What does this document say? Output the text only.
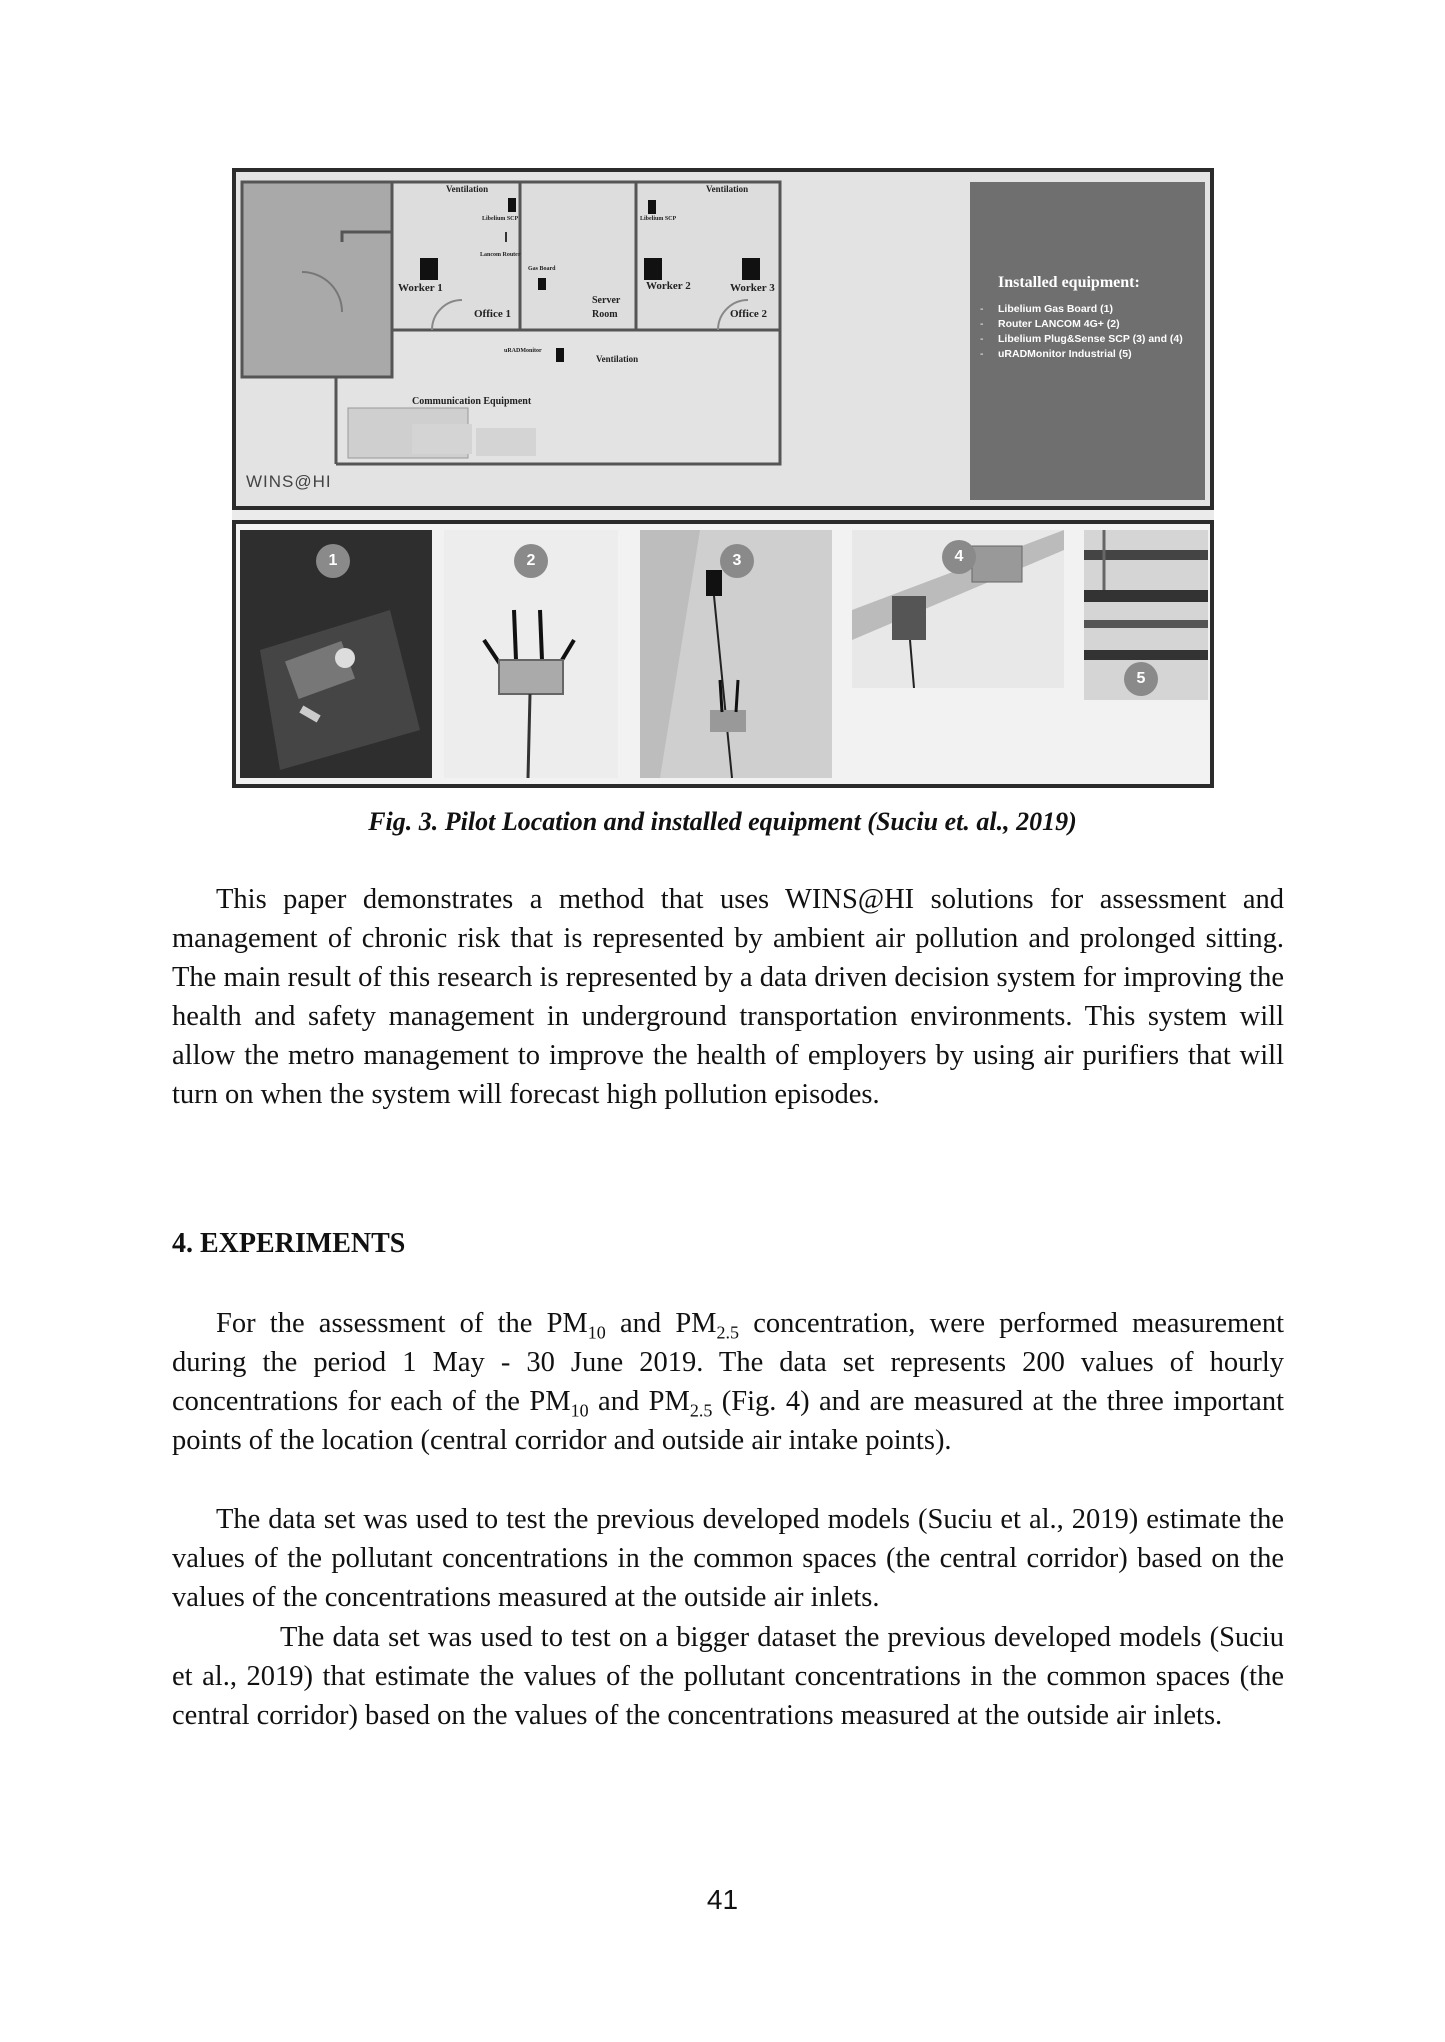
Ventilation	Ventilation
Libelium SCP	Libelium SCP
Lancom Router
Gas Board
Worker 1	Worker 2	Worker 3
Office 1	Office 2
Server Room
uRADMonitor
Ventilation
Communication Equipment
WINS@HI
Installed equipment:
- Libelium Gas Board (1)
- Router LANCOM 4G+ (2)
- Libelium Plug&Sense SCP (3) and (4)
- uRADMonitor Industrial (5)
1	2	3	4
5
Fig. 3. Pilot Location and installed equipment (Suciu et. al., 2019)

This paper demonstrates a method that uses WINS@HI solutions for assessment and management of chronic risk that is represented by ambient air pollution and prolonged sitting. The main result of this research is represented by a data driven decision system for improving the health and safety management in underground transportation environments. This system will allow the metro management to improve the health of employers by using air purifiers that will turn on when the system will forecast high pollution episodes.

4. EXPERIMENTS

For the assessment of the $PM_{10}$ and $PM_{2.5}$ concentration, were performed measurement during the period 1 May - 30 June 2019. The data set represents 200 values of hourly concentrations for each of the $PM_{10}$ and $PM_{2.5}$ (Fig. 4) and are measured at the three important points of the location (central corridor and outside air intake points).

The data set was used to test the previous developed models (Suciu et al., 2019) estimate the values of the pollutant concentrations in the common spaces (the central corridor) based on the values of the concentrations measured at the outside air inlets.

The data set was used to test on a bigger dataset the previous developed models (Suciu et al., 2019) that estimate the values of the pollutant concentrations in the common spaces (the central corridor) based on the values of the concentrations measured at the outside air inlets.

41
